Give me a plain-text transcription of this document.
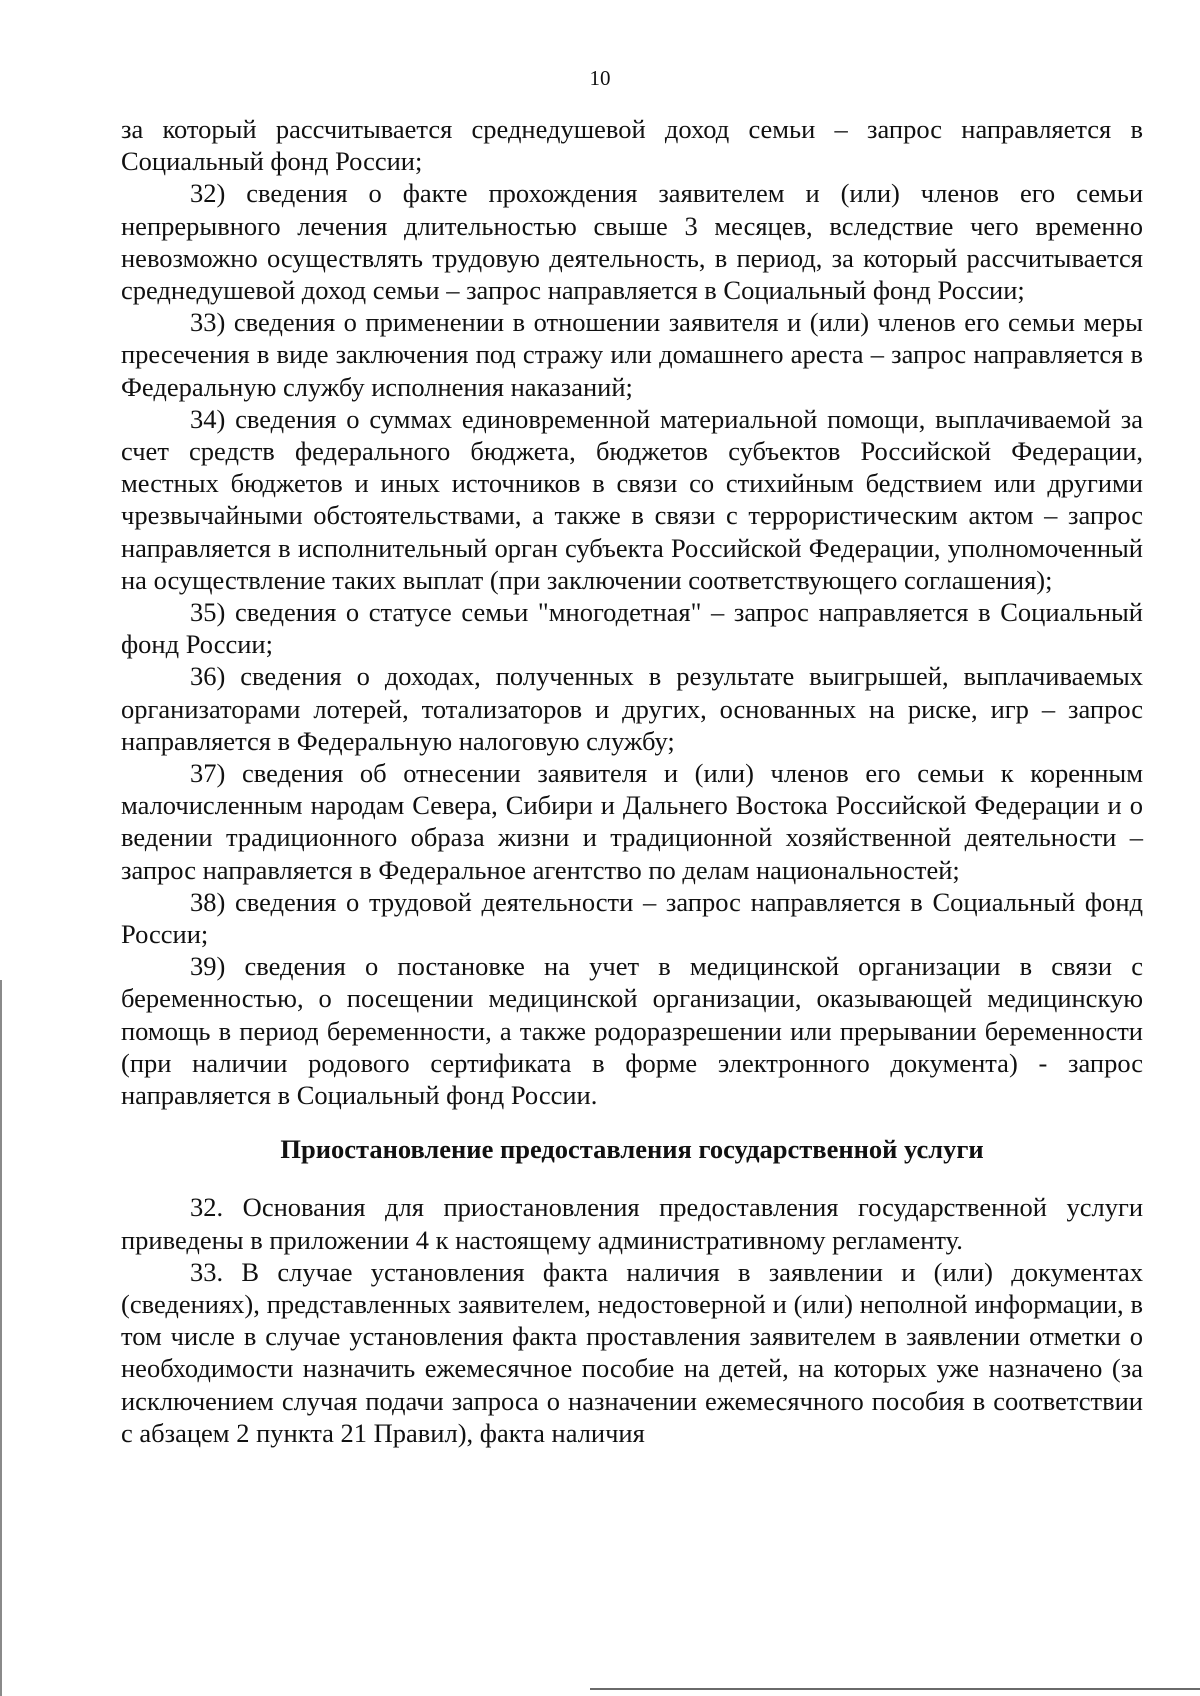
10

за который рассчитывается среднедушевой доход семьи – запрос направляется в Социальный фонд России;

32) сведения о факте прохождения заявителем и (или) членов его семьи непрерывного лечения длительностью свыше 3 месяцев, вследствие чего временно невозможно осуществлять трудовую деятельность, в период, за который рассчитывается среднедушевой доход семьи – запрос направляется в Социальный фонд России;

33) сведения о применении в отношении заявителя и (или) членов его семьи меры пресечения в виде заключения под стражу или домашнего ареста – запрос направляется в Федеральную службу исполнения наказаний;

34) сведения о суммах единовременной материальной помощи, выплачиваемой за счет средств федерального бюджета, бюджетов субъектов Российской Федерации, местных бюджетов и иных источников в связи со стихийным бедствием или другими чрезвычайными обстоятельствами, а также в связи с террористическим актом – запрос направляется в исполнительный орган субъекта Российской Федерации, уполномоченный на осуществление таких выплат (при заключении соответствующего соглашения);

35) сведения о статусе семьи "многодетная" – запрос направляется в Социальный фонд России;

36) сведения о доходах, полученных в результате выигрышей, выплачиваемых организаторами лотерей, тотализаторов и других, основанных на риске, игр – запрос направляется в Федеральную налоговую службу;

37) сведения об отнесении заявителя и (или) членов его семьи к коренным малочисленным народам Севера, Сибири и Дальнего Востока Российской Федерации и о ведении традиционного образа жизни и традиционной хозяйственной деятельности – запрос направляется в Федеральное агентство по делам национальностей;

38) сведения о трудовой деятельности – запрос направляется в Социальный фонд России;

39) сведения о постановке на учет в медицинской организации в связи с беременностью, о посещении медицинской организации, оказывающей медицинскую помощь в период беременности, а также родоразрешении или прерывании беременности (при наличии родового сертификата в форме электронного документа) - запрос направляется в Социальный фонд России.

Приостановление предоставления государственной услуги

32. Основания для приостановления предоставления государственной услуги приведены в приложении 4 к настоящему административному регламенту.

33. В случае установления факта наличия в заявлении и (или) документах (сведениях), представленных заявителем, недостоверной и (или) неполной информации, в том числе в случае установления факта проставления заявителем в заявлении отметки о необходимости назначить ежемесячное пособие на детей, на которых уже назначено (за исключением случая подачи запроса о назначении ежемесячного пособия в соответствии с абзацем 2 пункта 21 Правил), факта наличия
